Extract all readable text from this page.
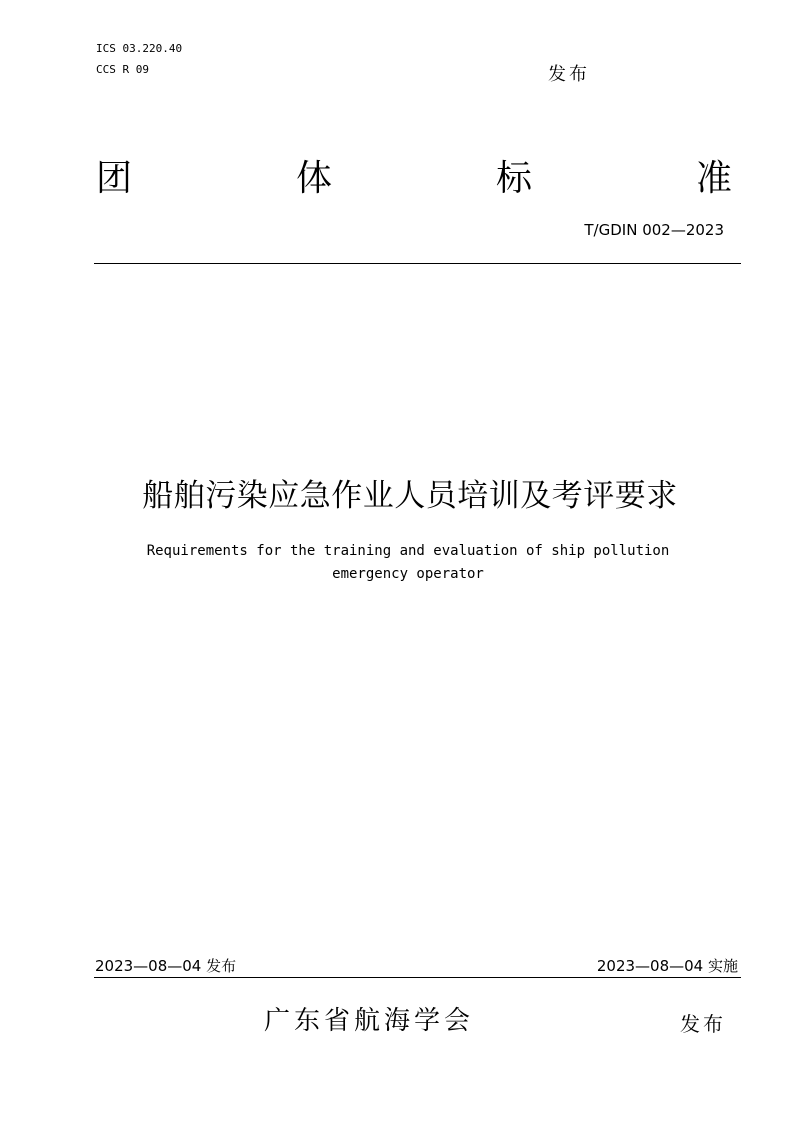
ICS 03.220.40

CCS R 09	发布

团	体	标	准

T/GDIN 002—2023

船舶污染应急作业人员培训及考评要求

Requirements for the training and evaluation of ship pollution
emergency operator

2023—08—04 发布	2023—08—04 实施

广东省航海学会	发布
